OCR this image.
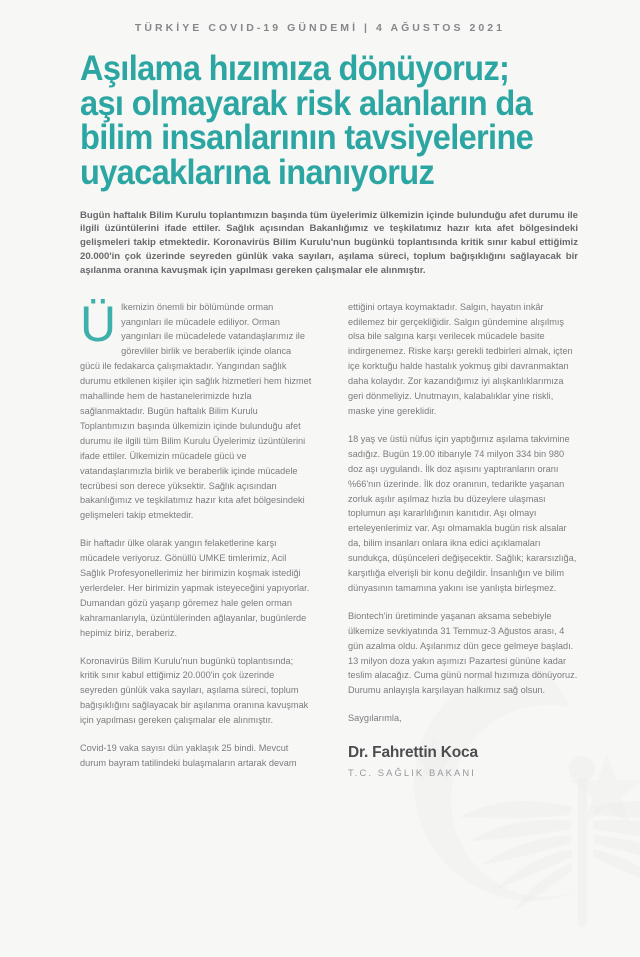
TÜRKİYE COVID-19 GÜNDEMİ | 4 AĞUSTOS 2021
Aşılama hızımıza dönüyoruz;
aşı olmayarak risk alanların da
bilim insanlarının tavsiyelerine
uyacaklarına inanıyoruz

Bugün haftalık Bilim Kurulu toplantımızın başında tüm üyelerimiz ülkemizin içinde bulunduğu afet durumu ile ilgili üzüntülerini ifade ettiler. Sağlık açısından Bakanlığımız ve teşkilatımız hazır kıta afet bölgesindeki gelişmeleri takip etmektedir. Koronavirüs Bilim Kurulu'nun bugünkü toplantısında kritik sınır kabul ettiğimiz 20.000'in çok üzerinde seyreden günlük vaka sayıları, aşılama süreci, toplum bağışıklığını sağlayacak bir aşılanma oranına kavuşmak için yapılması gereken çalışmalar ele alınmıştır.

Ülkemizin önemli bir bölümünde orman yangınları ile mücadele ediliyor. Orman yangınları ile mücadelede vatandaşlarımız ile görevliler birlik ve beraberlik içinde olanca gücü ile fedakarca çalışmaktadır. Yangından sağlık durumu etkilenen kişiler için sağlık hizmetleri hem hizmet mahallinde hem de hastanelerimizde hızla sağlanmaktadır. Bugün haftalık Bilim Kurulu Toplantımızın başında ülkemizin içinde bulunduğu afet durumu ile ilgili tüm Bilim Kurulu Üyelerimiz üzüntülerini ifade ettiler. Ülkemizin mücadele gücü ve vatandaşlarımızla birlik ve beraberlik içinde mücadele tecrübesi son derece yüksektir. Sağlık açısından bakanlığımız ve teşkilatımız hazır kıta afet bölgesindeki gelişmeleri takip etmektedir.

Bir haftadır ülke olarak yangın felaketlerine karşı mücadele veriyoruz. Gönüllü UMKE timlerimiz, Acil Sağlık Profesyonellerimiz her birimizin koşmak istediği yerlerdeler. Her birimizin yapmak isteyeceğini yapıyorlar. Dumandan gözü yaşarıp göremez hale gelen orman kahramanlarıyla, üzüntülerinden ağlayanlar, bugünlerde hepimiz biriz, beraberiz.

Koronavirüs Bilim Kurulu'nun bugünkü toplantısında; kritik sınır kabul ettiğimiz 20.000'in çok üzerinde seyreden günlük vaka sayıları, aşılama süreci, toplum bağışıklığını sağlayacak bir aşılanma oranına kavuşmak için yapılması gereken çalışmalar ele alınmıştır.

Covid-19 vaka sayısı dün yaklaşık 25 bindi. Mevcut durum bayram tatilindeki bulaşmaların artarak devam

ettiğini ortaya koymaktadır. Salgın, hayatın inkâr edilemez bir gerçekliğidir. Salgın gündemine alışılmış olsa bile salgına karşı verilecek mücadele basite indirgenemez. Riske karşı gerekli tedbirleri almak, içten içe korktuğu halde hastalık yokmuş gibi davranmaktan daha kolaydır. Zor kazandığımız iyi alışkanlıklarımıza geri dönmeliyiz. Unutmayın, kalabalıklar yine riskli, maske yine gereklidir.

18 yaş ve üstü nüfus için yaptığımız aşılama takvimine sadığız. Bugün 19.00 itibarıyle 74 milyon 334 bin 980 doz aşı uygulandı. İlk doz aşısını yaptıranların oranı %66'nın üzerinde. İlk doz oranının, tedarikte yaşanan zorluk aşılır aşılmaz hızla bu düzeylere ulaşması toplumun aşı kararlılığının kanıtıdır. Aşı olmayı erteleyenlerimiz var. Aşı olmamakla bugün risk alsalar da, bilim insanları onlara ikna edici açıklamaları sundukça, düşünceleri değişecektir. Sağlık; kararsızlığa, karşıtlığa elverişli bir konu değildir. İnsanlığın ve bilim dünyasının tamamına yakını ise yanlışta birleşmez.

Biontech'in üretiminde yaşanan aksama sebebiyle ülkemize sevkiyatında 31 Temmuz-3 Ağustos arası, 4 gün azalma oldu. Aşılarımız dün gece gelmeye başladı. 13 milyon doza yakın aşımızı Pazartesi gününe kadar teslim alacağız. Cuma günü normal hızımıza dönüyoruz. Durumu anlayışla karşılayan halkımız sağ olsun.

Saygılarımla,

Dr. Fahrettin Koca
T.C. SAĞLIK BAKANI
